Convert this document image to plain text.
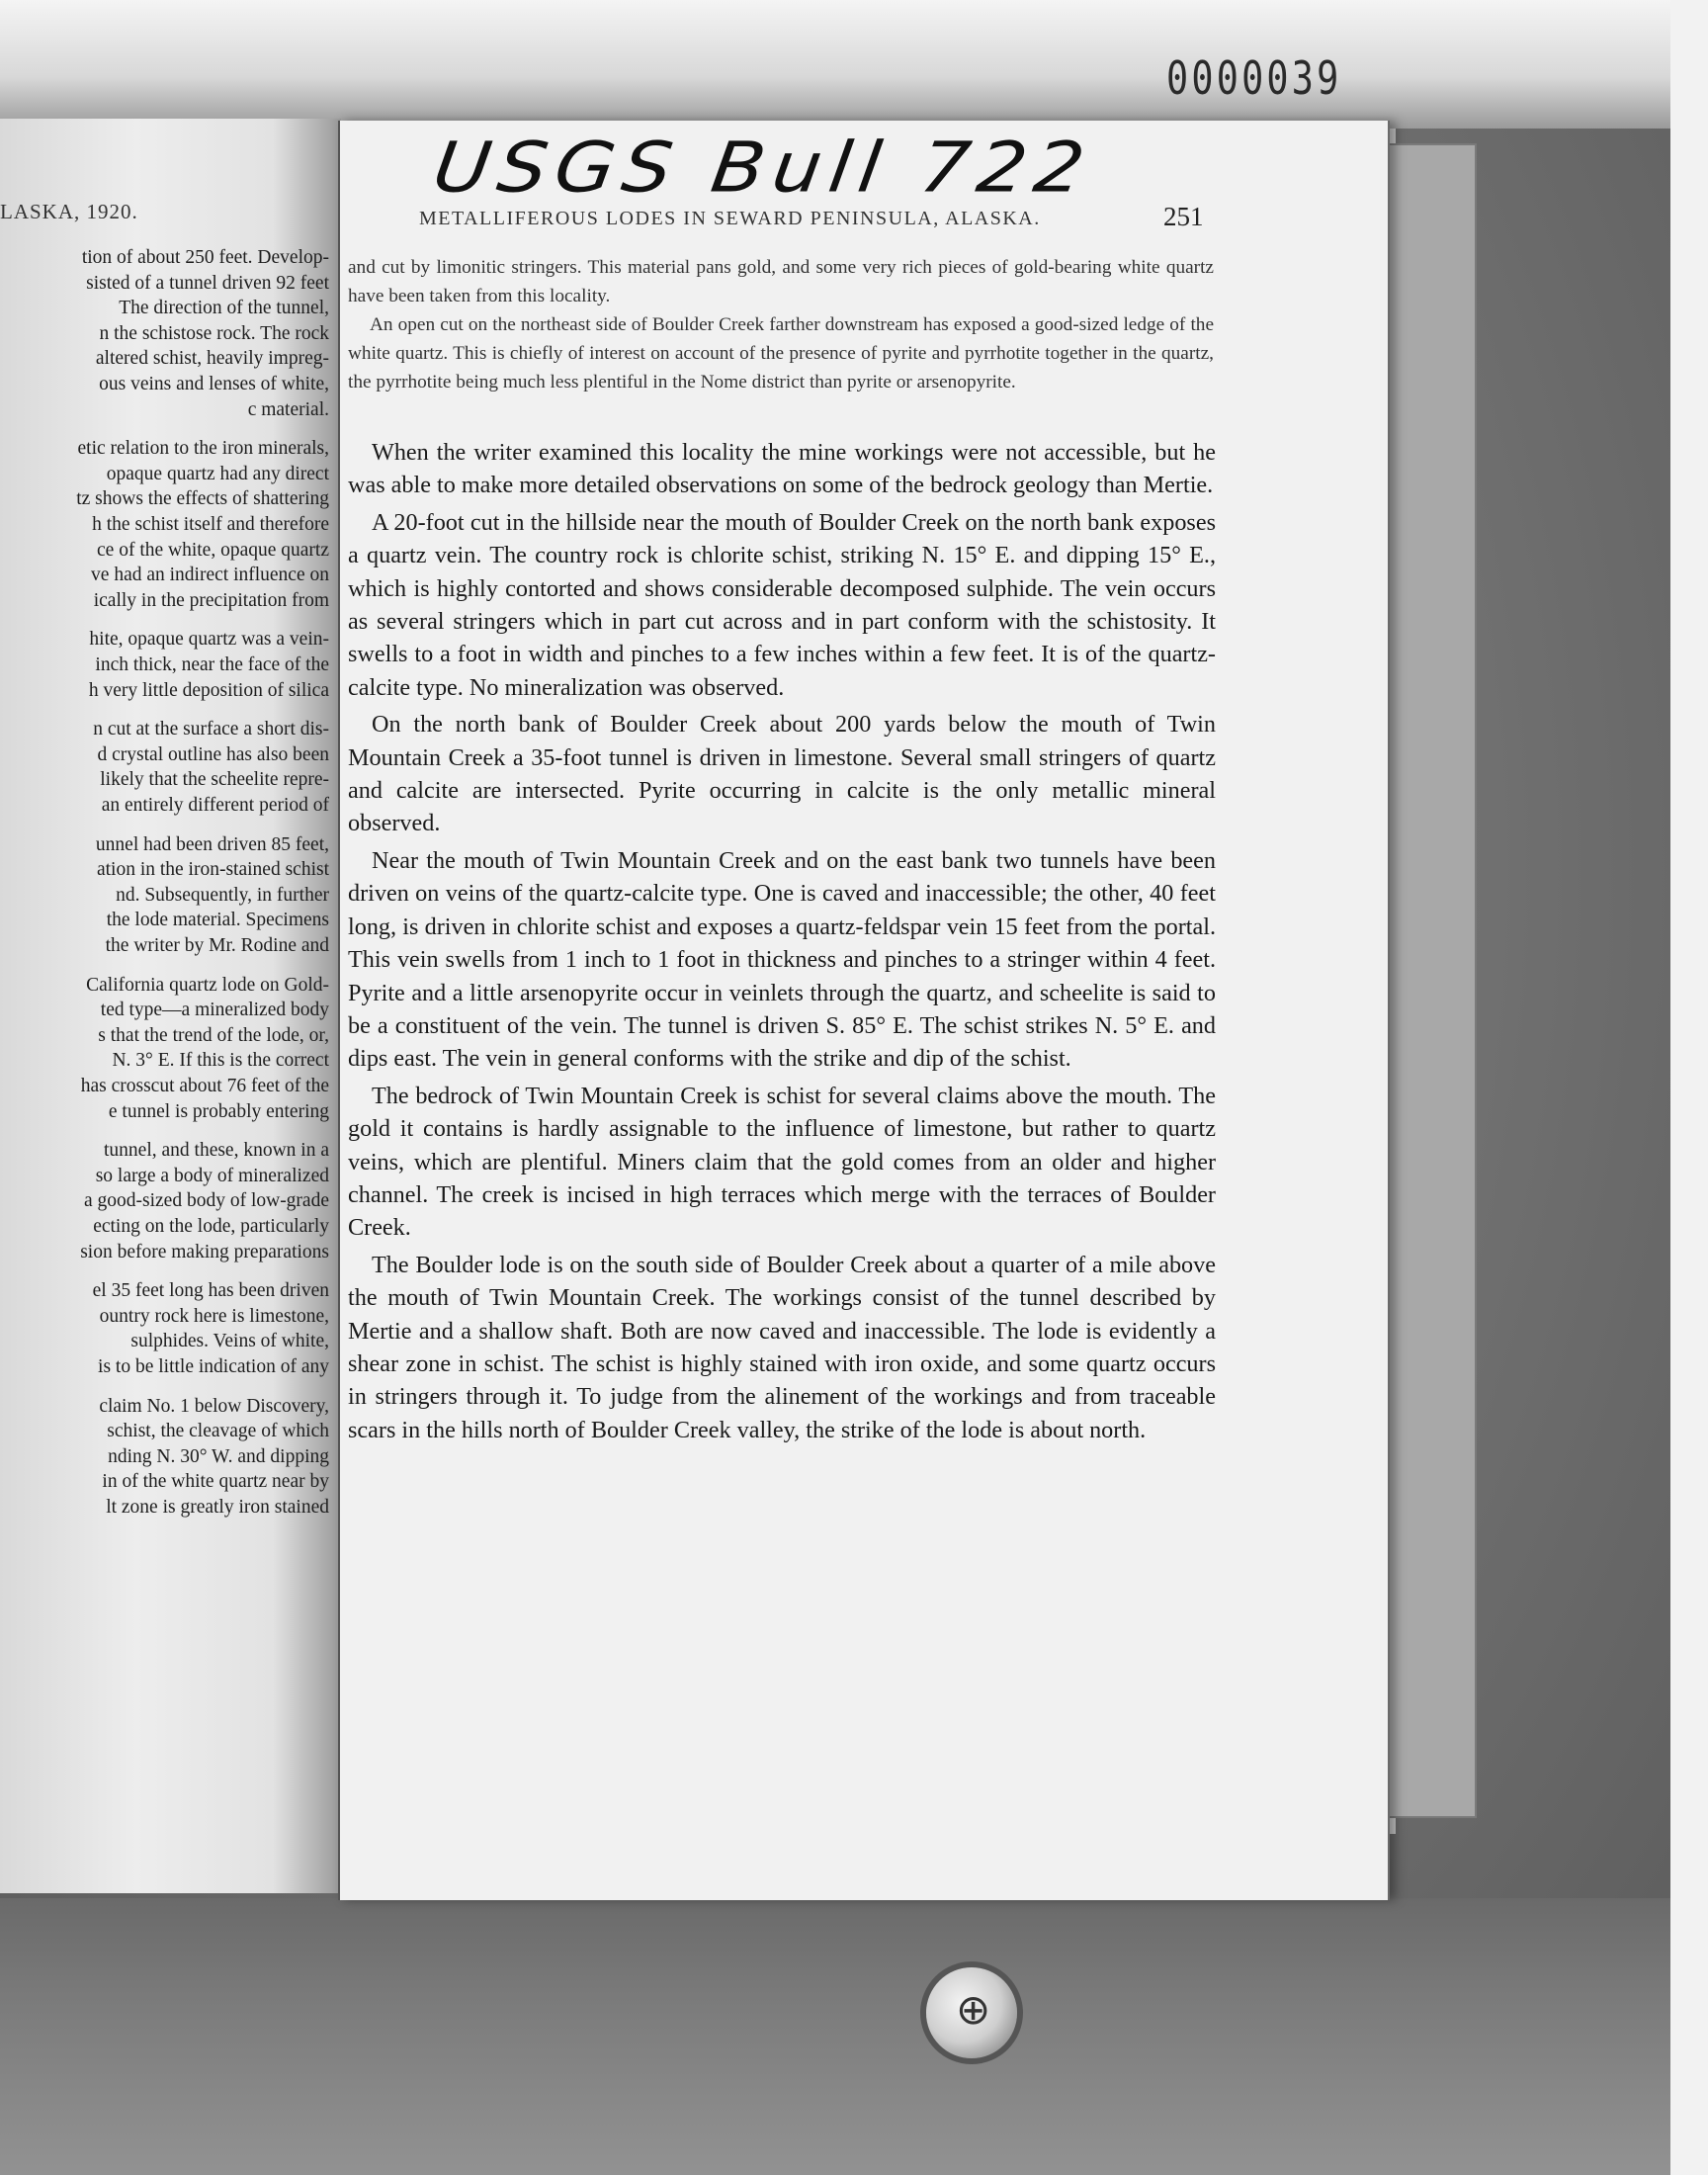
0000039
LASKA, 1920.
tion of about 250 feet. Develop-
sisted of a tunnel driven 92 feet
The direction of the tunnel,
n the schistose rock. The rock
altered schist, heavily impreg-
ous veins and lenses of white,
c material.
etic relation to the iron minerals,
opaque quartz had any direct
tz shows the effects of shattering
h the schist itself and therefore
ce of the white, opaque quartz
ve had an indirect influence on
ically in the precipitation from
hite, opaque quartz was a vein-
inch thick, near the face of the
h very little deposition of silica
n cut at the surface a short dis-
d crystal outline has also been
likely that the scheelite repre-
an entirely different period of
unnel had been driven 85 feet,
ation in the iron-stained schist
nd. Subsequently, in further
the lode material. Specimens
the writer by Mr. Rodine and
California quartz lode on Gold-
ted type—a mineralized body
s that the trend of the lode, or,
N. 3° E. If this is the correct
has crosscut about 76 feet of the
e tunnel is probably entering
tunnel, and these, known in a
so large a body of mineralized
a good-sized body of low-grade
ecting on the lode, particularly
sion before making preparations
el 35 feet long has been driven
ountry rock here is limestone,
sulphides. Veins of white,
is to be little indication of any
claim No. 1 below Discovery,
schist, the cleavage of which
nding N. 30° W. and dipping
in of the white quartz near by
lt zone is greatly iron stained
USGS Bull 722
METALLIFEROUS LODES IN SEWARD PENINSULA, ALASKA.	251

and cut by limonitic stringers. This material pans gold, and some very rich pieces of gold-bearing white quartz have been taken from this locality.

An open cut on the northeast side of Boulder Creek farther downstream has exposed a good-sized ledge of the white quartz. This is chiefly of interest on account of the presence of pyrite and pyrrhotite together in the quartz, the pyrrhotite being much less plentiful in the Nome district than pyrite or arsenopyrite.

When the writer examined this locality the mine workings were not accessible, but he was able to make more detailed observations on some of the bedrock geology than Mertie.

A 20-foot cut in the hillside near the mouth of Boulder Creek on the north bank exposes a quartz vein. The country rock is chlorite schist, striking N. 15° E. and dipping 15° E., which is highly contorted and shows considerable decomposed sulphide. The vein occurs as several stringers which in part cut across and in part conform with the schistosity. It swells to a foot in width and pinches to a few inches within a few feet. It is of the quartz-calcite type. No mineralization was observed.

On the north bank of Boulder Creek about 200 yards below the mouth of Twin Mountain Creek a 35-foot tunnel is driven in limestone. Several small stringers of quartz and calcite are intersected. Pyrite occurring in calcite is the only metallic mineral observed.

Near the mouth of Twin Mountain Creek and on the east bank two tunnels have been driven on veins of the quartz-calcite type. One is caved and inaccessible; the other, 40 feet long, is driven in chlorite schist and exposes a quartz-feldspar vein 15 feet from the portal. This vein swells from 1 inch to 1 foot in thickness and pinches to a stringer within 4 feet. Pyrite and a little arsenopyrite occur in veinlets through the quartz, and scheelite is said to be a constituent of the vein. The tunnel is driven S. 85° E. The schist strikes N. 5° E. and dips east. The vein in general conforms with the strike and dip of the schist.

The bedrock of Twin Mountain Creek is schist for several claims above the mouth. The gold it contains is hardly assignable to the influence of limestone, but rather to quartz veins, which are plentiful. Miners claim that the gold comes from an older and higher channel. The creek is incised in high terraces which merge with the terraces of Boulder Creek.

The Boulder lode is on the south side of Boulder Creek about a quarter of a mile above the mouth of Twin Mountain Creek. The workings consist of the tunnel described by Mertie and a shallow shaft. Both are now caved and inaccessible. The lode is evidently a shear zone in schist. The schist is highly stained with iron oxide, and some quartz occurs in stringers through it. To judge from the alinement of the workings and from traceable scars in the hills north of Boulder Creek valley, the strike of the lode is about north.

⊕
